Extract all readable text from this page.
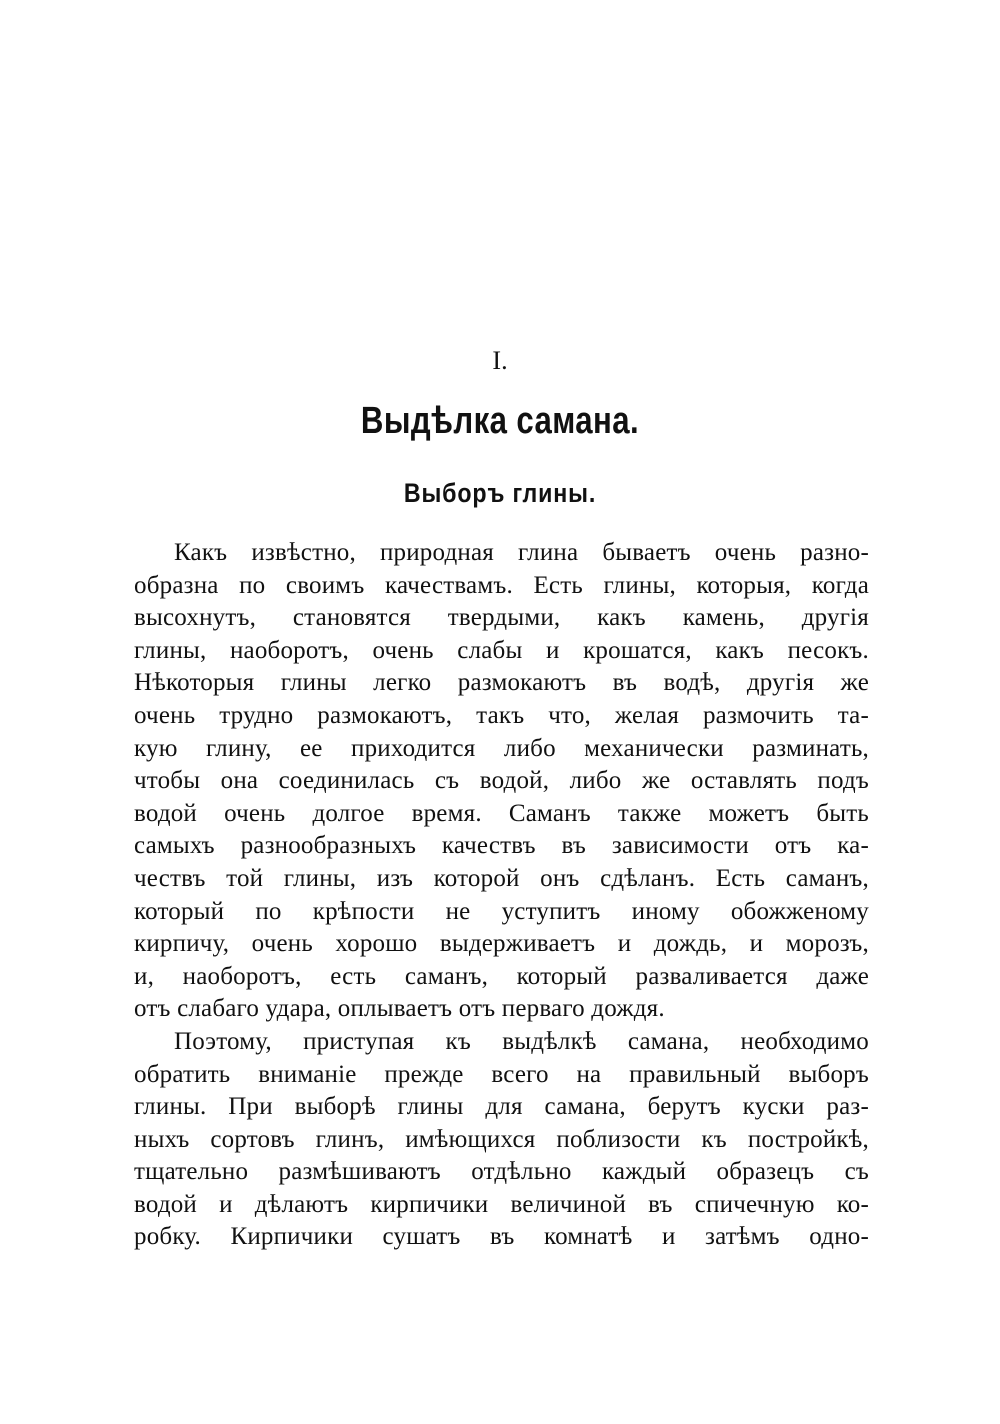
I.
Выдѣлка самана.
Выборъ глины.
Какъ извѣстно, природная глина бываетъ очень разно-
образна по своимъ качествамъ. Есть глины, которыя, когда
высохнутъ, становятся твердыми, какъ камень, другія
глины, наоборотъ, очень слабы и крошатся, какъ песокъ.
Нѣкоторыя глины легко размокаютъ въ водѣ, другія же
очень трудно размокаютъ, такъ что, желая размочить та-
кую глину, ее приходится либо механически разминать,
чтобы она соединилась съ водой, либо же оставлять подъ
водой очень долгое время. Саманъ также можетъ быть
самыхъ разнообразныхъ качествъ въ зависимости отъ ка-
чествъ той глины, изъ которой онъ сдѣланъ. Есть саманъ,
который по крѣпости не уступитъ иному обожженому
кирпичу, очень хорошо выдерживаетъ и дождь, и морозъ,
и, наоборотъ, есть саманъ, который разваливается даже
отъ слабаго удара, оплываетъ отъ перваго дождя.
Поэтому, приступая къ выдѣлкѣ самана, необходимо
обратить вниманіе прежде всего на правильный выборъ
глины. При выборѣ глины для самана, берутъ куски раз-
ныхъ сортовъ глинъ, имѣющихся поблизости къ постройкѣ,
тщательно размѣшиваютъ отдѣльно каждый образецъ съ
водой и дѣлаютъ кирпичики величиной въ спичечную ко-
робку. Кирпичики сушатъ въ комнатѣ и затѣмъ одно-
